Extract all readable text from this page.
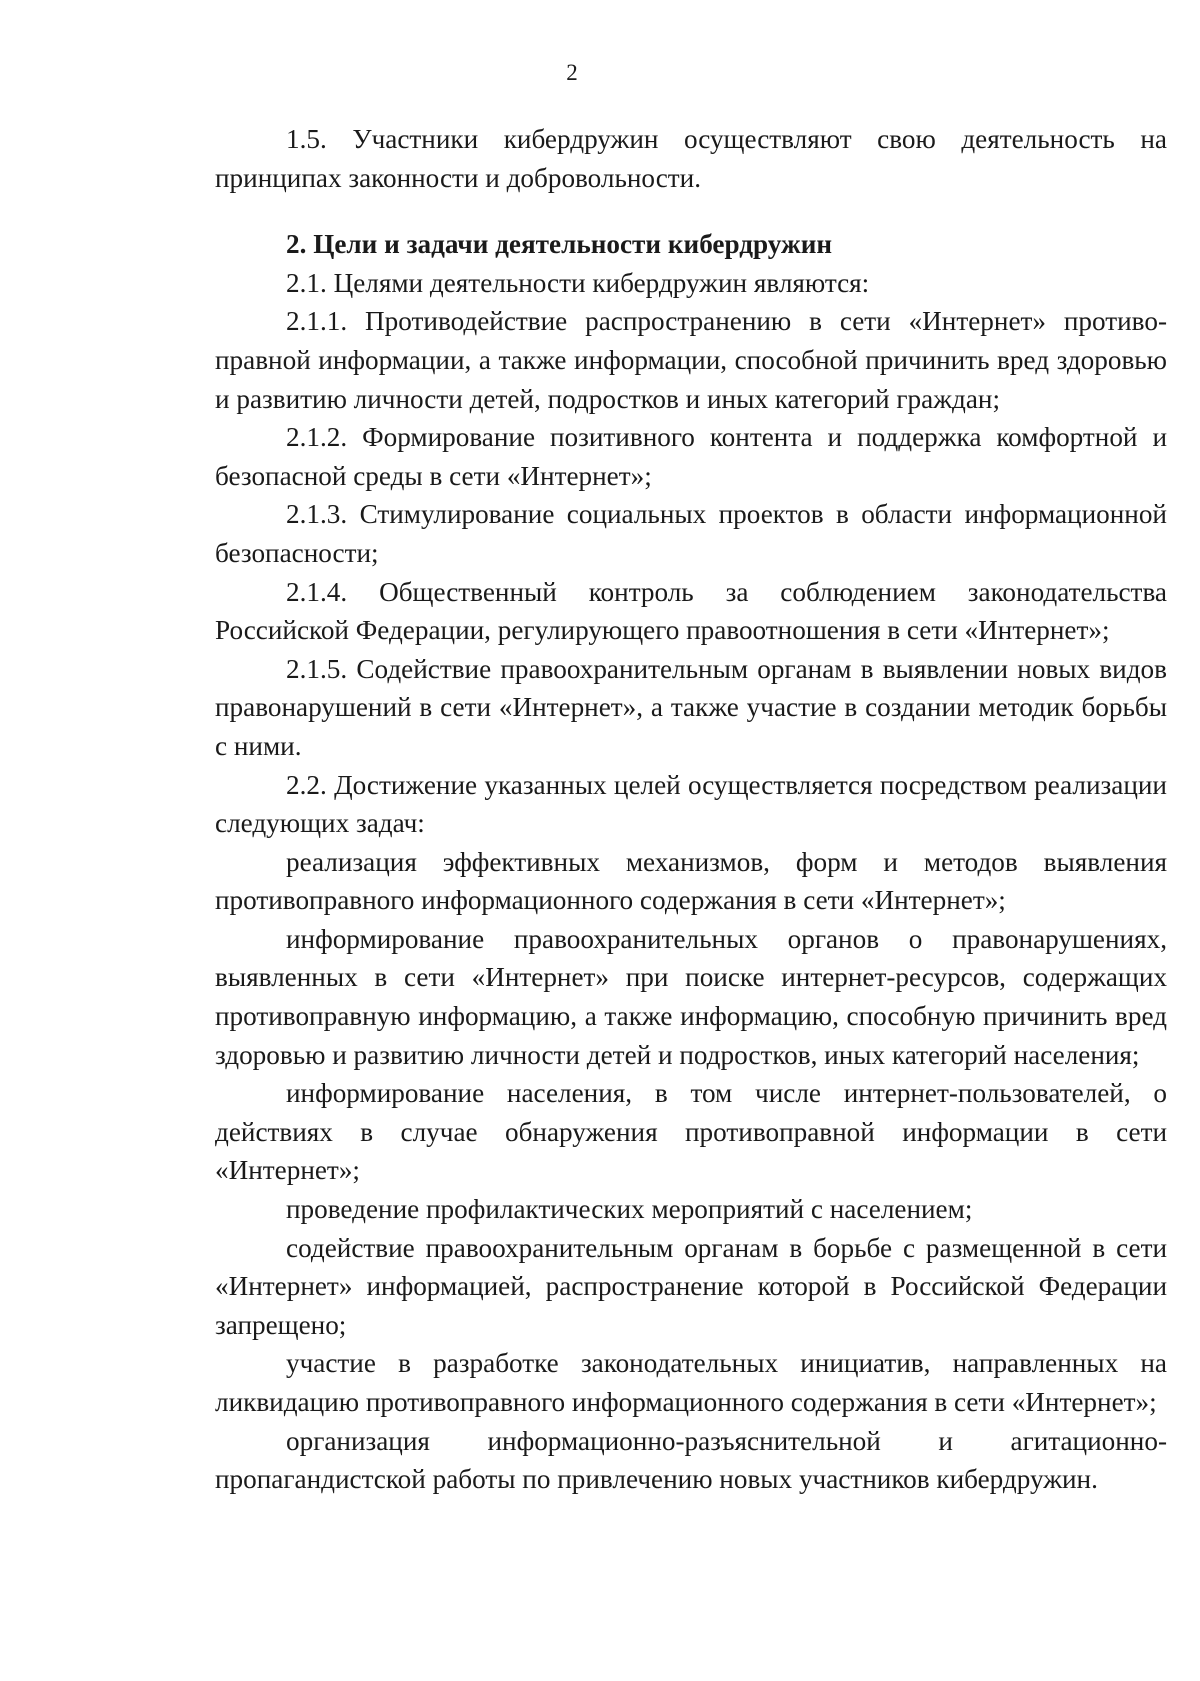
2

1.5. Участники кибердружин осуществляют свою деятельность на принципах законности и добровольности.

2. Цели и задачи деятельности кибердружин

2.1. Целями деятельности кибердружин являются:

2.1.1. Противодействие распространению в сети «Интернет» противоправной информации, а также информации, способной причинить вред здоровью и развитию личности детей, подростков и иных категорий граждан;

2.1.2. Формирование позитивного контента и поддержка комфортной и безопасной среды в сети «Интернет»;

2.1.3. Стимулирование социальных проектов в области информационной безопасности;

2.1.4. Общественный контроль за соблюдением законодательства Российской Федерации, регулирующего правоотношения в сети «Интернет»;

2.1.5. Содействие правоохранительным органам в выявлении новых видов правонарушений в сети «Интернет», а также участие в создании методик борьбы с ними.

2.2. Достижение указанных целей осуществляется посредством реализации следующих задач:

реализация эффективных механизмов, форм и методов выявления противоправного информационного содержания в сети «Интернет»;

информирование правоохранительных органов о правонарушениях, выявленных в сети «Интернет» при поиске интернет-ресурсов, содержащих противоправную информацию, а также информацию, способную причинить вред здоровью и развитию личности детей и подростков, иных категорий населения;

информирование населения, в том числе интернет-пользователей, о действиях в случае обнаружения противоправной информации в сети «Интернет»;

проведение профилактических мероприятий с населением;

содействие правоохранительным органам в борьбе с размещенной в сети «Интернет» информацией, распространение которой в Российской Федерации запрещено;

участие в разработке законодательных инициатив, направленных на ликвидацию противоправного информационного содержания в сети «Интернет»;

организация информационно-разъяснительной и агитационно-пропагандистской работы по привлечению новых участников кибердружин.
